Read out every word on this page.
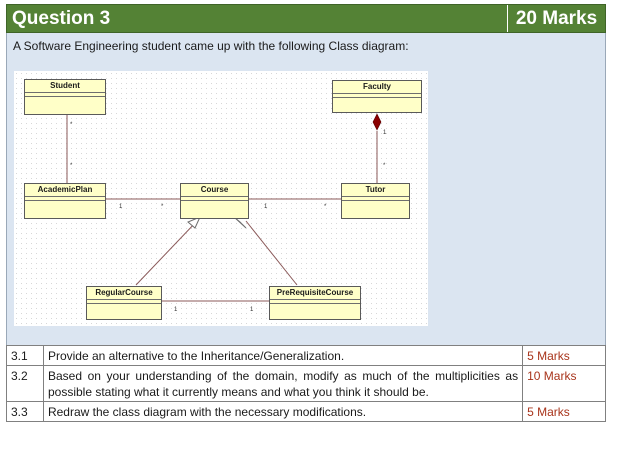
Question 3	20 Marks
A Software Engineering student came up with the following Class diagram:
Student	Faculty
AcademicPlan	Course	Tutor
RegularCourse	PreRequisiteCourse
*
*
1
*
1	*	1	*
1	1
3.1	Provide an alternative to the Inheritance/Generalization.	5 Marks
3.2	Based on your understanding of the domain, modify as much of the multiplicities as possible stating what it currently means and what you think it should be.	10 Marks
3.3	Redraw the class diagram with the necessary modifications.	5 Marks
